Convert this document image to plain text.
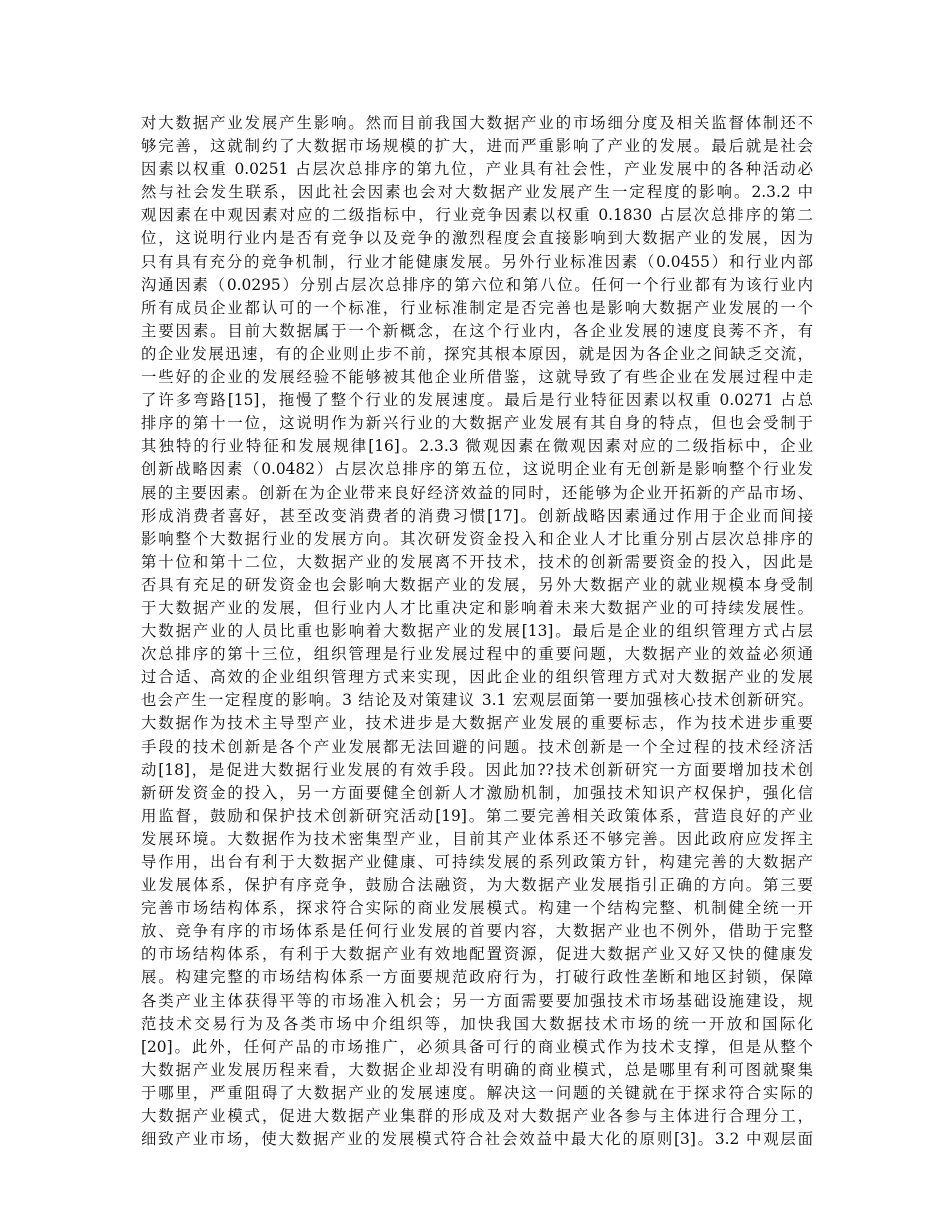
对大数据产业发展产生影响。然而目前我国大数据产业的市场细分度及相关监督体制还不
够完善，这就制约了大数据市场规模的扩大，进而严重影响了产业的发展。最后就是社会
因素以权重 0.0251 占层次总排序的第九位，产业具有社会性，产业发展中的各种活动必
然与社会发生联系，因此社会因素也会对大数据产业发展产生一定程度的影响。2.3.2 中
观因素在中观因素对应的二级指标中，行业竞争因素以权重 0.1830 占层次总排序的第二
位，这说明行业内是否有竞争以及竞争的激烈程度会直接影响到大数据产业的发展，因为
只有具有充分的竞争机制，行业才能健康发展。另外行业标准因素（0.0455）和行业内部
沟通因素（0.0295）分别占层次总排序的第六位和第八位。任何一个行业都有为该行业内
所有成员企业都认可的一个标准，行业标准制定是否完善也是影响大数据产业发展的一个
主要因素。目前大数据属于一个新概念，在这个行业内，各企业发展的速度良莠不齐，有
的企业发展迅速，有的企业则止步不前，探究其根本原因，就是因为各企业之间缺乏交流，
一些好的企业的发展经验不能够被其他企业所借鉴，这就导致了有些企业在发展过程中走
了许多弯路[15]，拖慢了整个行业的发展速度。最后是行业特征因素以权重 0.0271 占总
排序的第十一位，这说明作为新兴行业的大数据产业发展有其自身的特点，但也会受制于
其独特的行业特征和发展规律[16]。2.3.3 微观因素在微观因素对应的二级指标中，企业
创新战略因素（0.0482）占层次总排序的第五位，这说明企业有无创新是影响整个行业发
展的主要因素。创新在为企业带来良好经济效益的同时，还能够为企业开拓新的产品市场、
形成消费者喜好，甚至改变消费者的消费习惯[17]。创新战略因素通过作用于企业而间接
影响整个大数据行业的发展方向。其次研发资金投入和企业人才比重分别占层次总排序的
第十位和第十二位，大数据产业的发展离不开技术，技术的创新需要资金的投入，因此是
否具有充足的研发资金也会影响大数据产业的发展，另外大数据产业的就业规模本身受制
于大数据产业的发展，但行业内人才比重决定和影响着未来大数据产业的可持续发展性。
大数据产业的人员比重也影响着大数据产业的发展[13]。最后是企业的组织管理方式占层
次总排序的第十三位，组织管理是行业发展过程中的重要问题，大数据产业的效益必须通
过合适、高效的企业组织管理方式来实现，因此企业的组织管理方式对大数据产业的发展
也会产生一定程度的影响。3 结论及对策建议 3.1 宏观层面第一要加强核心技术创新研究。
大数据作为技术主导型产业，技术进步是大数据产业发展的重要标志，作为技术进步重要
手段的技术创新是各个产业发展都无法回避的问题。技术创新是一个全过程的技术经济活
动[18]，是促进大数据行业发展的有效手段。因此加??技术创新研究一方面要增加技术创
新研发资金的投入，另一方面要健全创新人才激励机制，加强技术知识产权保护，强化信
用监督，鼓励和保护技术创新研究活动[19]。第二要完善相关政策体系，营造良好的产业
发展环境。大数据作为技术密集型产业，目前其产业体系还不够完善。因此政府应发挥主
导作用，出台有利于大数据产业健康、可持续发展的系列政策方针，构建完善的大数据产
业发展体系，保护有序竞争，鼓励合法融资，为大数据产业发展指引正确的方向。第三要
完善市场结构体系，探求符合实际的商业发展模式。构建一个结构完整、机制健全统一开
放、竞争有序的市场体系是任何行业发展的首要内容，大数据产业也不例外，借助于完整
的市场结构体系，有利于大数据产业有效地配置资源，促进大数据产业又好又快的健康发
展。构建完整的市场结构体系一方面要规范政府行为，打破行政性垄断和地区封锁，保障
各类产业主体获得平等的市场准入机会；另一方面需要要加强技术市场基础设施建设，规
范技术交易行为及各类市场中介组织等，加快我国大数据技术市场的统一开放和国际化
[20]。此外，任何产品的市场推广，必须具备可行的商业模式作为技术支撑，但是从整个
大数据产业发展历程来看，大数据企业却没有明确的商业模式，总是哪里有利可图就聚集
于哪里，严重阻碍了大数据产业的发展速度。解决这一问题的关键就在于探求符合实际的
大数据产业模式，促进大数据产业集群的形成及对大数据产业各参与主体进行合理分工，
细致产业市场，使大数据产业的发展模式符合社会效益中最大化的原则[3]。3.2 中观层面
